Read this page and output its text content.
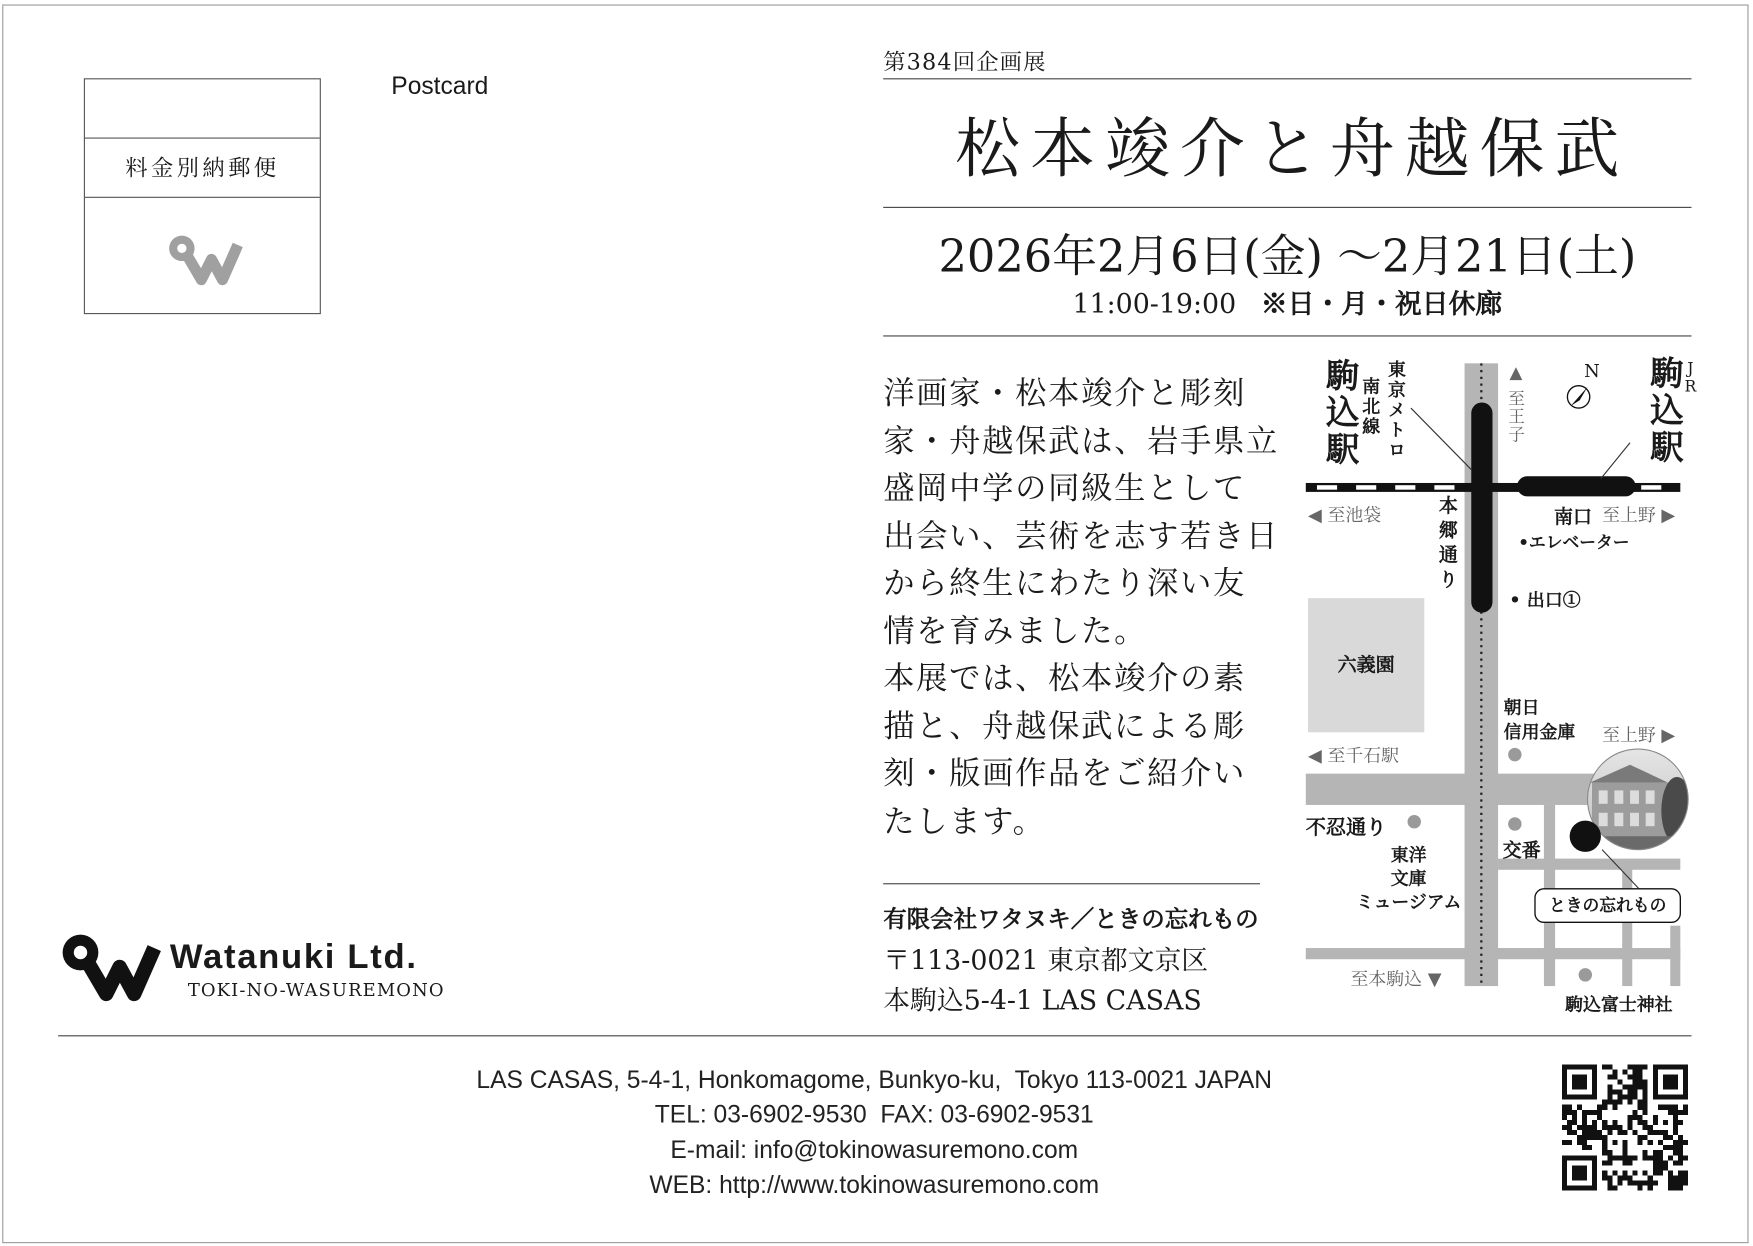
料金別納郵便
Postcard
第384回企画展
松本竣介と舟越保武
2026年2月6日(金) ～2月21日(土)
11:00-19:00 ※日・月・祝日休廊
洋画家・松本竣介と彫刻
家・舟越保武は、岩手県立
盛岡中学の同級生として
出会い、芸術を志す若き日
から終生にわたり深い友
情を育みました。
本展では、松本竣介の素
描と、舟越保武による彫
刻・版画作品をご紹介い
たします。
有限会社ワタヌキ／ときの忘れもの
〒113-0021 東京都文京区
本駒込5-4-1 LAS CASAS
駒込駅 東京メトロ
南北線	▲ 至王子	N	JR
駒込駅
◀ 至池袋	本郷通り	南口 至上野 ▶
•エレベーター
• 出口①
六義園
朝日
信用金庫 至上野 ▶
◀ 至千石駅
不忍通り
東洋
文庫
ミュージアム
交番
ときの忘れもの
至本駒込 ▼
駒込富士神社
Watanuki Ltd.
TOKI-NO-WASUREMONO
LAS CASAS, 5-4-1, Honkomagome, Bunkyo-ku,  Tokyo 113-0021 JAPAN
TEL: 03-6902-9530  FAX: 03-6902-9531
E-mail: info@tokinowasuremono.com
WEB: http://www.tokinowasuremono.com
